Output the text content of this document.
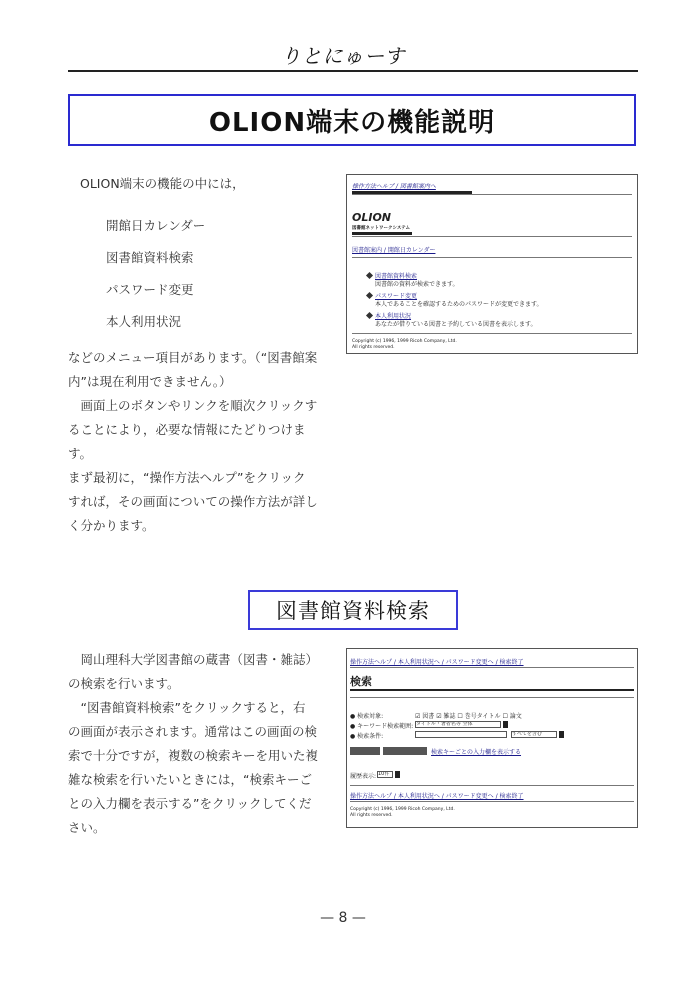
りとにゅーす
OLION端末の機能説明
OLION端末の機能の中には，
開館日カレンダー
図書館資料検索
パスワード変更
本人利用状況
などのメニュー項目があります。（“図書館案
内”は現在利用できません。）
画面上のボタンやリンクを順次クリックす
ることにより，必要な情報にたどりつけます。
まず最初に，“操作方法ヘルプ”をクリック
すれば，その画面についての操作方法が詳し
く分かります。
操作方法ヘルプ / 図書館案内へ
OLION
図書館ネットワークシステム
図書館案内 / 開館日カレンダー
図書館資料検索
図書館の資料が検索できます。
パスワード変更
本人であることを確認するためのパスワードが変更できます。
本人利用状況
あなたが借りている図書と予約している図書を表示します。
Copyright (c) 1996, 1999 Ricoh Company, Ltd.
All rights reserved.
図書館資料検索
岡山理科大学図書館の蔵書（図書・雑誌）
の検索を行います。
“図書館資料検索”をクリックすると，右
の画面が表示されます。通常はこの画面の検
索で十分ですが，複数の検索キーを用いた複
雑な検索を行いたいときには，“検索キーご
との入力欄を表示する”をクリックしてくだ
さい。
操作方法ヘルプ / 本人利用状況へ / パスワード変更へ / 検索終了
検索
● 検索対象:	☑ 図書 ☑ 雑誌 ☐ 巻号タイトル ☐ 論文
● キーワード検索範囲: タイトル・著者名等 全体
● 検索条件:	すべてを含む
検索キーごとの入力欄を表示する
履歴表示: 10件
操作方法ヘルプ / 本人利用状況へ / パスワード変更へ / 検索終了
Copyright (c) 1996, 1999 Ricoh Company, Ltd.
All rights reserved.
— 8 —
